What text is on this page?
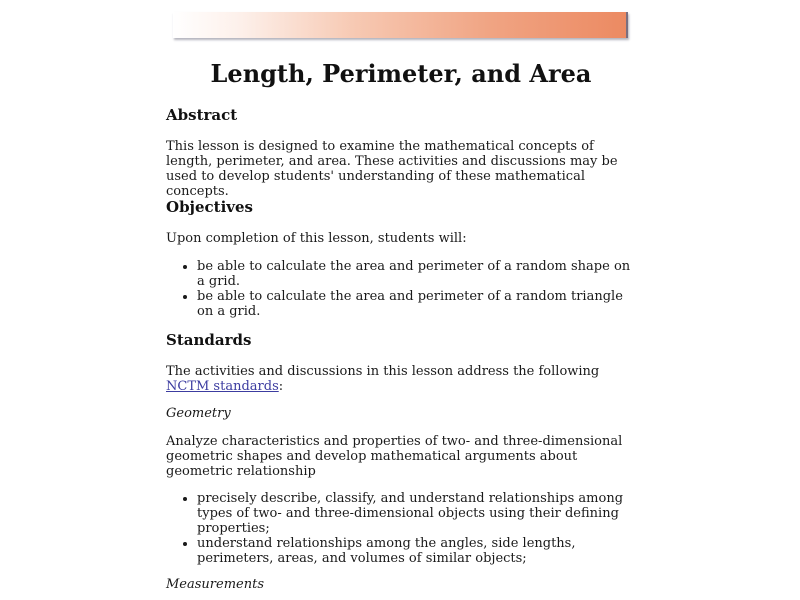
Length, Perimeter, and Area
Abstract

This lesson is designed to examine the mathematical concepts of length, perimeter, and area. These activities and discussions may be used to develop students' understanding of these mathematical concepts.

Objectives

Upon completion of this lesson, students will:

• be able to calculate the area and perimeter of a random shape on a grid.
• be able to calculate the area and perimeter of a random triangle on a grid.
Standards

The activities and discussions in this lesson address the following NCTM standards:

Geometry

Analyze characteristics and properties of two- and three-dimensional geometric shapes and develop mathematical arguments about geometric relationship

• precisely describe, classify, and understand relationships among types of two- and three-dimensional objects using their defining properties;
• understand relationships among the angles, side lengths, perimeters, areas, and volumes of similar objects;

Measurements
